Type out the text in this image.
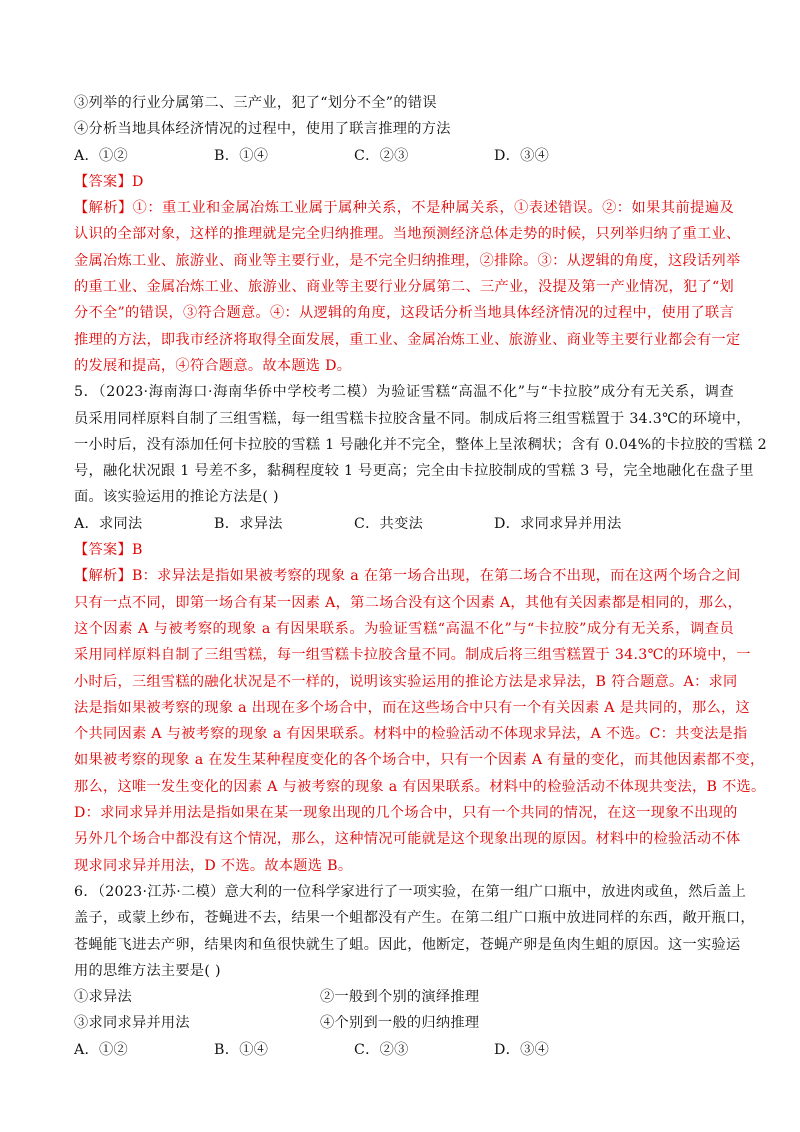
③列举的行业分属第二、三产业，犯了“划分不全”的错误
④分析当地具体经济情况的过程中，使用了联言推理的方法
A．①②	B．①④	C．②③	D．③④
【答案】D
【解析】①：重工业和金属冶炼工业属于属种关系，不是种属关系，①表述错误。②：如果其前提遍及
认识的全部对象，这样的推理就是完全归纳推理。当地预测经济总体走势的时候，只列举归纳了重工业、
金属冶炼工业、旅游业、商业等主要行业，是不完全归纳推理，②排除。③：从逻辑的角度，这段话列举
的重工业、金属冶炼工业、旅游业、商业等主要行业分属第二、三产业，没提及第一产业情况，犯了“划
分不全”的错误，③符合题意。④：从逻辑的角度，这段话分析当地具体经济情况的过程中，使用了联言
推理的方法，即我市经济将取得全面发展，重工业、金属冶炼工业、旅游业、商业等主要行业都会有一定
的发展和提高，④符合题意。故本题选 D。
5．（2023·海南海口·海南华侨中学校考二模）为验证雪糕“高温不化”与“卡拉胶”成分有无关系，调查
员采用同样原料自制了三组雪糕，每一组雪糕卡拉胶含量不同。制成后将三组雪糕置于 34.3℃的环境中，
一小时后，没有添加任何卡拉胶的雪糕 1 号融化并不完全，整体上呈浓稠状；含有 0.04%的卡拉胶的雪糕 2
号，融化状况跟 1 号差不多，黏稠程度较 1 号更高；完全由卡拉胶制成的雪糕 3 号，完全地融化在盘子里
面。该实验运用的推论方法是( )
A．求同法	B．求异法	C．共变法	D．求同求异并用法
【答案】B
【解析】B：求异法是指如果被考察的现象 a 在第一场合出现，在第二场合不出现，而在这两个场合之间
只有一点不同，即第一场合有某一因素 A，第二场合没有这个因素 A，其他有关因素都是相同的，那么，
这个因素 A 与被考察的现象 a 有因果联系。为验证雪糕“高温不化”与“卡拉胶”成分有无关系，调查员
采用同样原料自制了三组雪糕，每一组雪糕卡拉胶含量不同。制成后将三组雪糕置于 34.3℃的环境中，一
小时后，三组雪糕的融化状况是不一样的，说明该实验运用的推论方法是求异法，B 符合题意。A：求同
法是指如果被考察的现象 a 出现在多个场合中，而在这些场合中只有一个有关因素 A 是共同的，那么，这
个共同因素 A 与被考察的现象 a 有因果联系。材料中的检验活动不体现求异法，A 不选。C：共变法是指
如果被考察的现象 a 在发生某种程度变化的各个场合中，只有一个因素 A 有量的变化，而其他因素都不变，
那么，这唯一发生变化的因素 A 与被考察的现象 a 有因果联系。材料中的检验活动不体现共变法，B 不选。
D：求同求异并用法是指如果在某一现象出现的几个场合中，只有一个共同的情况，在这一现象不出现的
另外几个场合中都没有这个情况，那么，这种情况可能就是这个现象出现的原因。材料中的检验活动不体
现求同求异并用法，D 不选。故本题选 B。
6．（2023·江苏·二模）意大利的一位科学家进行了一项实验，在第一组广口瓶中，放进肉或鱼，然后盖上
盖子，或蒙上纱布，苍蝇进不去，结果一个蛆都没有产生。在第二组广口瓶中放进同样的东西，敞开瓶口，
苍蝇能飞进去产卵，结果肉和鱼很快就生了蛆。因此，他断定，苍蝇产卵是鱼肉生蛆的原因。这一实验运
用的思维方法主要是( )
①求异法	②一般到个别的演绎推理
③求同求异并用法	④个别到一般的归纳推理
A．①②	B．①④	C．②③	D．③④
